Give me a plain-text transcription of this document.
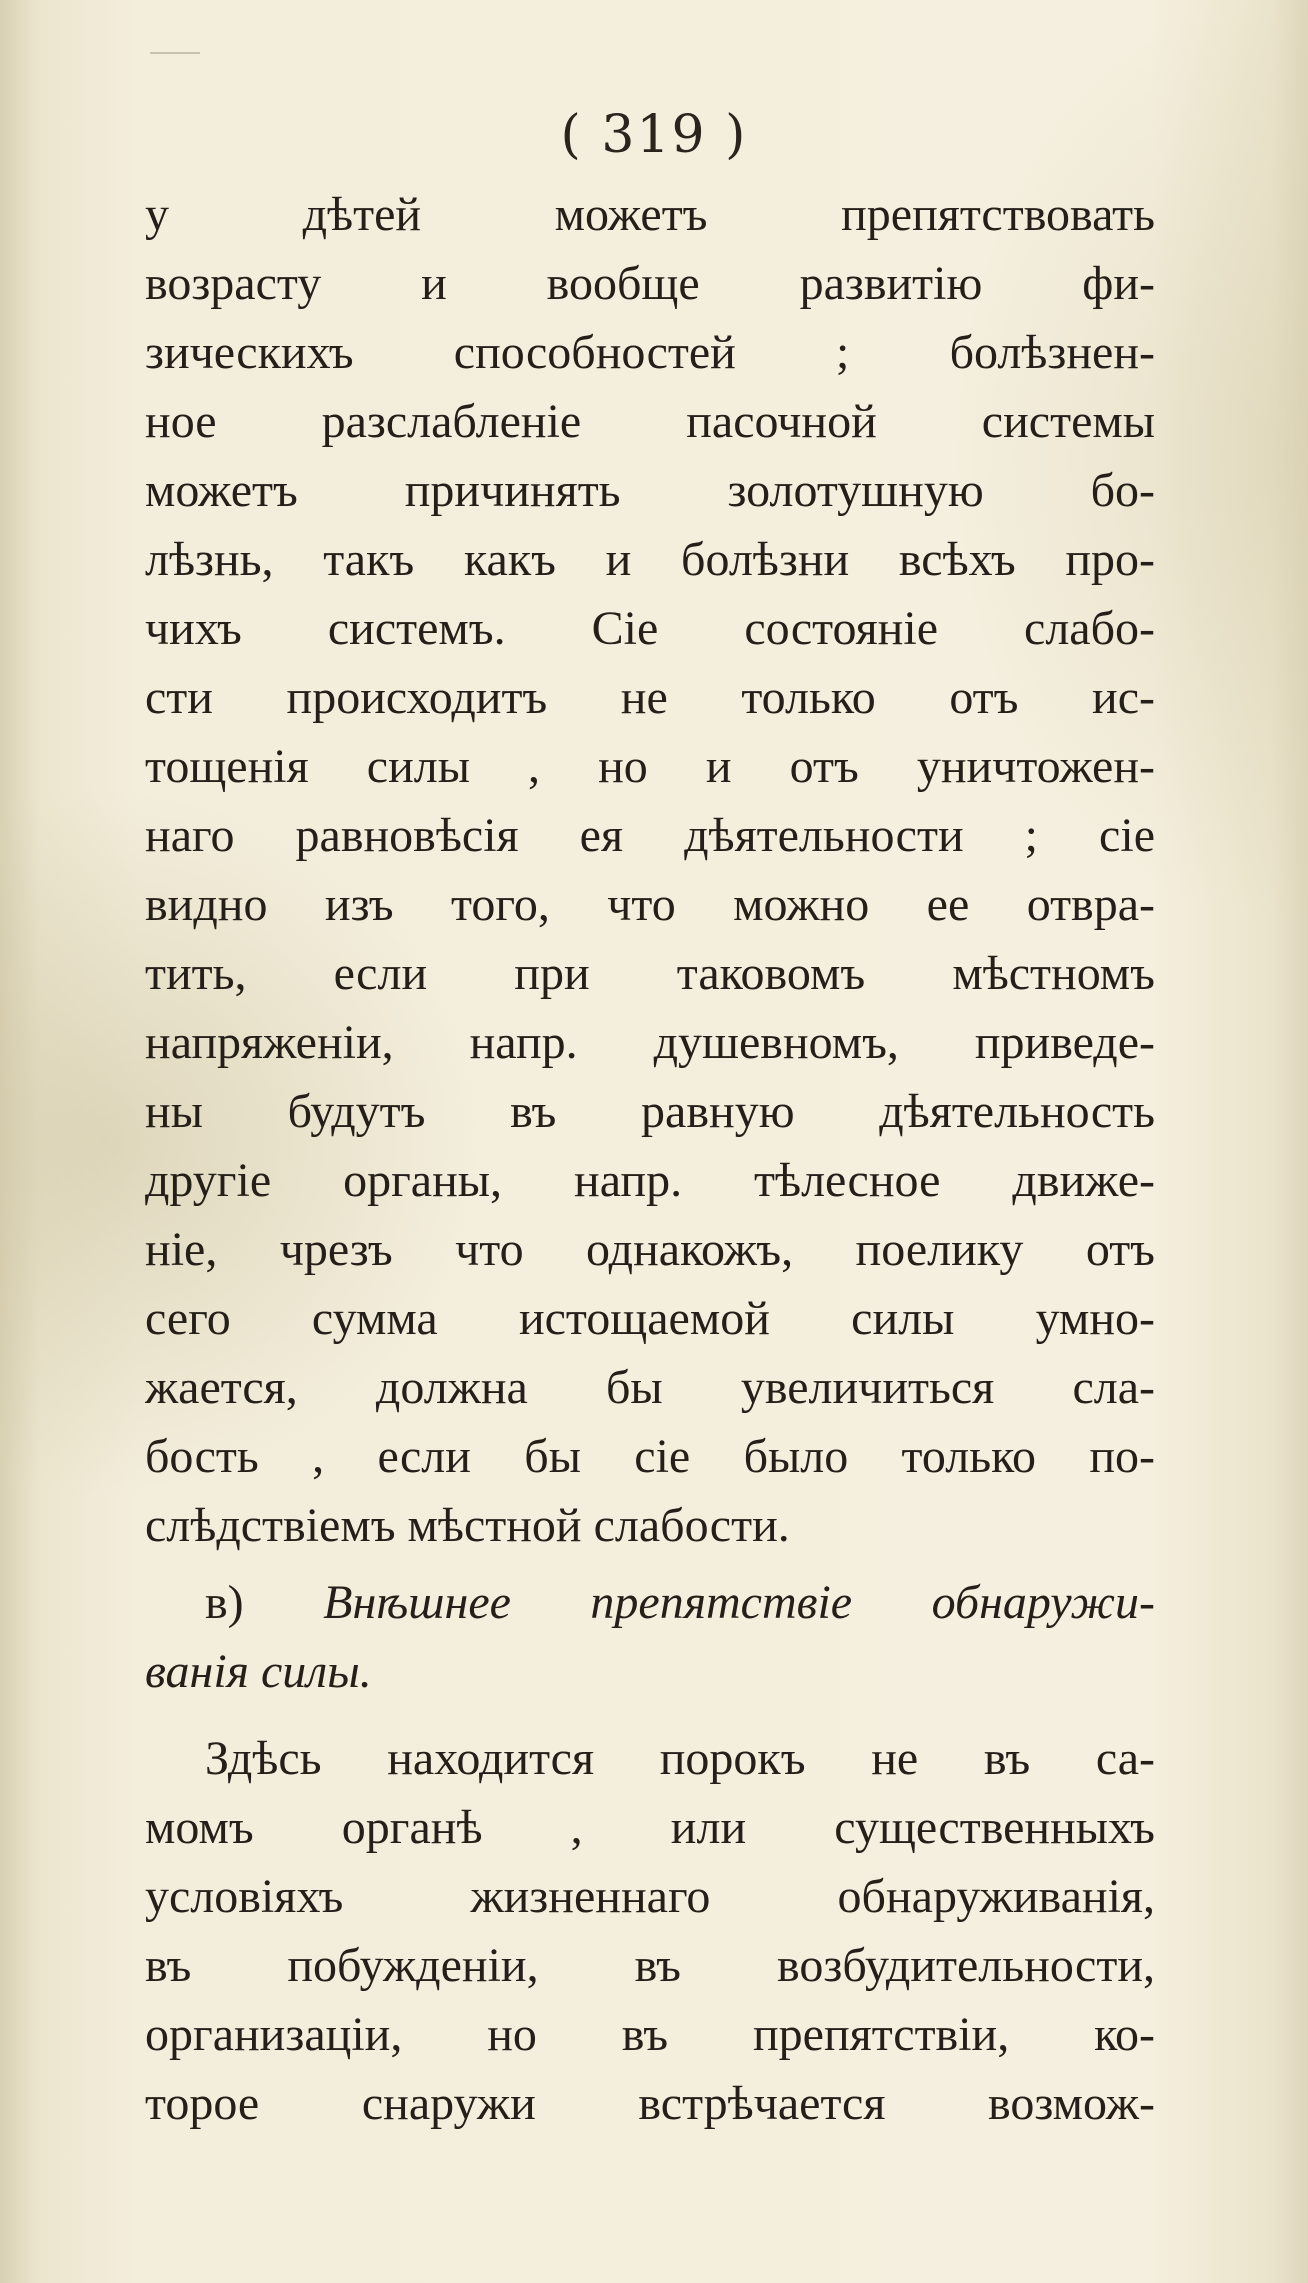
( 319 )
у дѣтей можетъ препятствовать
возрасту и вообще развитію фи-
зическихъ способностей ; болѣзнен-
ное разслабленіе пасочной системы
можетъ причинять золотушную бо-
лѣзнь, такъ какъ и болѣзни всѣхъ про-
чихъ системъ. Сіе состояніе слабо-
сти происходитъ не только отъ ис-
тощенія силы , но и отъ уничтожен-
наго равновѣсія ея дѣятельности ; сіе
видно изъ того, что можно ее отвра-
тить, если при таковомъ мѣстномъ
напряженіи, напр. душевномъ, приведе-
ны будутъ въ равную дѣятельность
другіе органы, напр. тѣлесное движе-
ніе, чрезъ что однакожъ, поелику отъ
сего сумма истощаемой силы умно-
жается, должна бы увеличиться сла-
бость , если бы сіе было только по-
слѣдствіемъ мѣстной слабости.
в) Внѣшнее препятствіе обнаружи-
ванія силы.
Здѣсь находится порокъ не въ са-
момъ органѣ , или существенныхъ
условіяхъ жизненнаго обнаруживанія,
въ побужденіи, въ возбудительности,
организаціи, но въ препятствіи, ко-
торое снаружи встрѣчается возмож-
